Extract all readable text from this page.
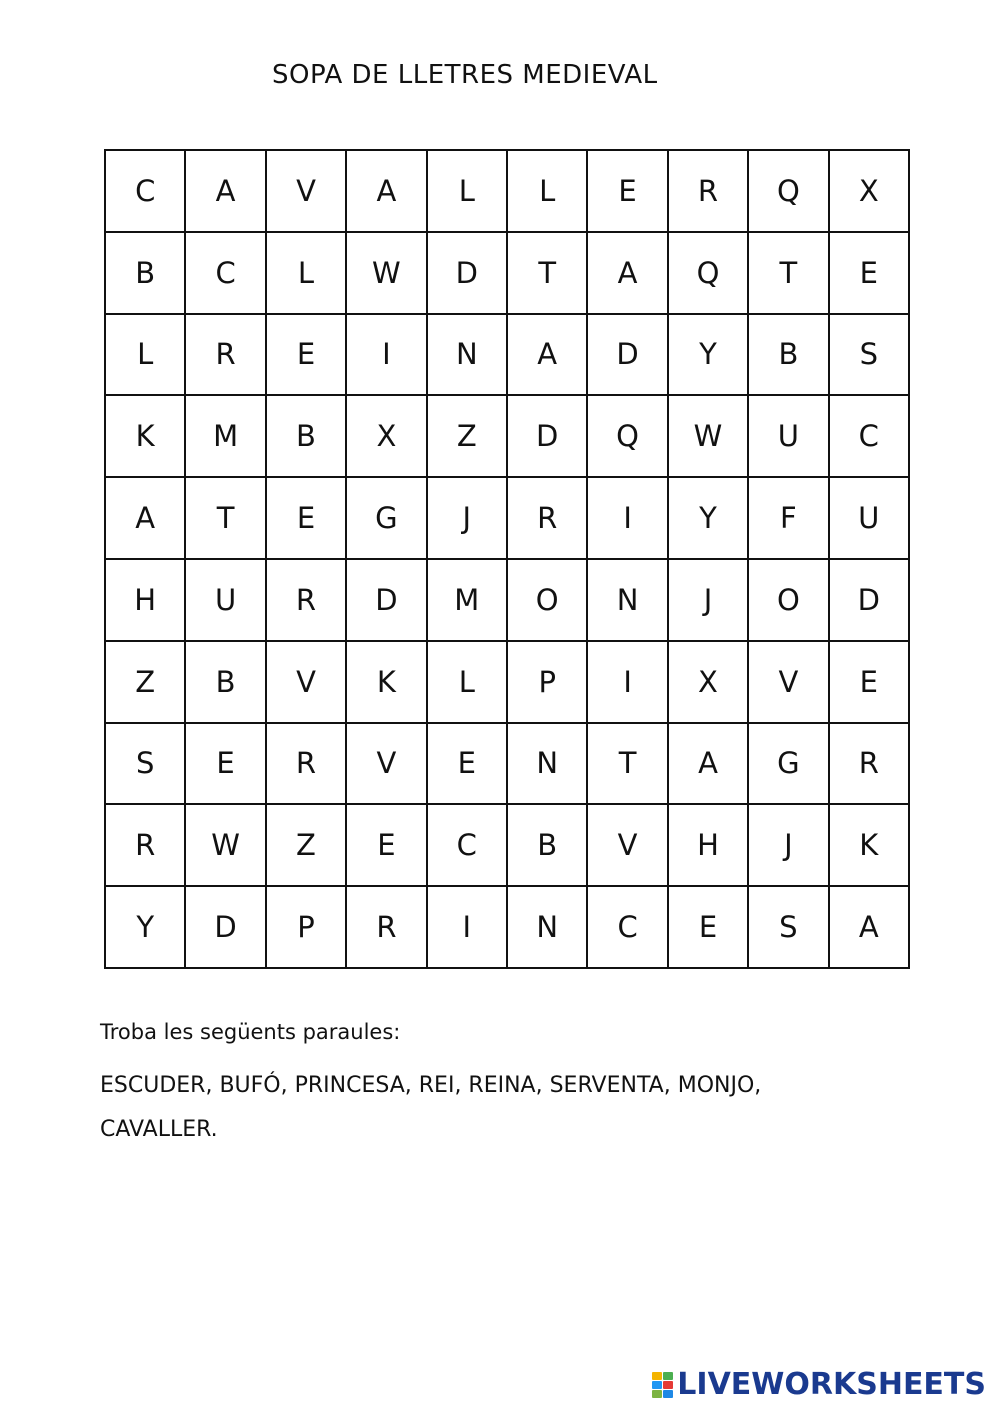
SOPA DE LLETRES MEDIEVAL
C	A	V	A	L	L	E	R	Q	X
B	C	L	W	D	T	A	Q	T	E
L	R	E	I	N	A	D	Y	B	S
K	M	B	X	Z	D	Q	W	U	C
A	T	E	G	J	R	I	Y	F	U
H	U	R	D	M	O	N	J	O	D
Z	B	V	K	L	P	I	X	V	E
S	E	R	V	E	N	T	A	G	R
R	W	Z	E	C	B	V	H	J	K
Y	D	P	R	I	N	C	E	S	A
Troba les següents paraules:
ESCUDER, BUFÓ, PRINCESA, REI, REINA, SERVENTA, MONJO,
CAVALLER.
LIVEWORKSHEETS
